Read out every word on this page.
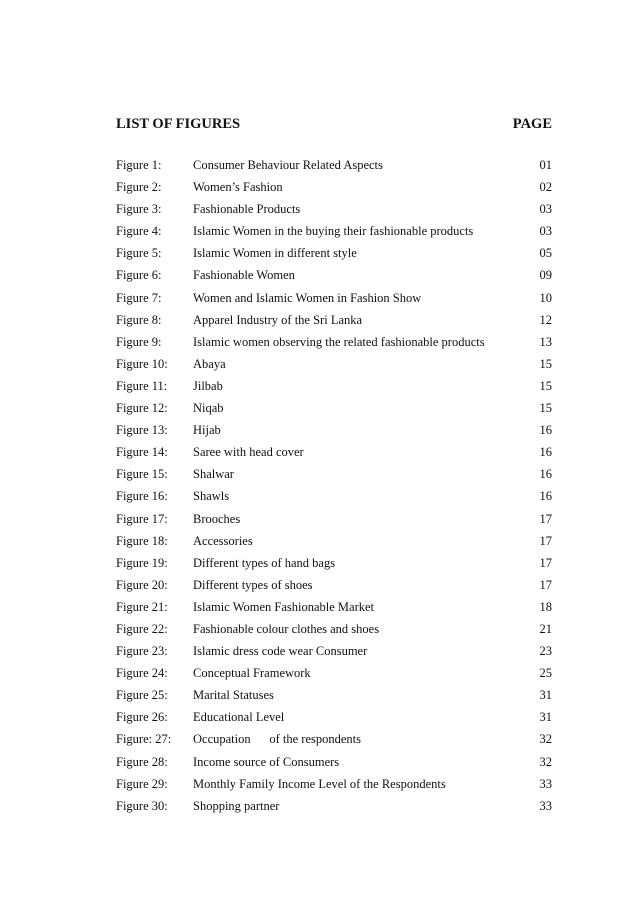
LIST OF FIGURES	PAGE
Figure 1:	Consumer Behaviour Related Aspects	01
Figure 2:	Women’s Fashion	02
Figure 3:	Fashionable Products	03
Figure 4:	Islamic Women in the buying their fashionable products	03
Figure 5:	Islamic Women in different style	05
Figure 6:	Fashionable Women	09
Figure 7:	Women and Islamic Women in Fashion Show	10
Figure 8:	Apparel Industry of the Sri Lanka	12
Figure 9:	Islamic women observing the related fashionable products	13
Figure 10: Abaya	15
Figure 11: Jilbab	15
Figure 12: Niqab	15
Figure 13: Hijab	16
Figure 14: Saree with head cover	16
Figure 15: Shalwar	16
Figure 16: Shawls	16
Figure 17: Brooches	17
Figure 18: Accessories	17
Figure 19: Different types of hand bags	17
Figure 20: Different types of shoes	17
Figure 21: Islamic Women Fashionable Market	18
Figure 22: Fashionable colour clothes and shoes	21
Figure 23: Islamic dress code wear Consumer	23
Figure 24: Conceptual Framework	25
Figure 25: Marital Statuses	31
Figure 26: Educational Level	31
Figure: 27: Occupation      of the respondents	32
Figure 28: Income source of Consumers	32
Figure 29: Monthly Family Income Level of the Respondents	33
Figure 30: Shopping partner	33
